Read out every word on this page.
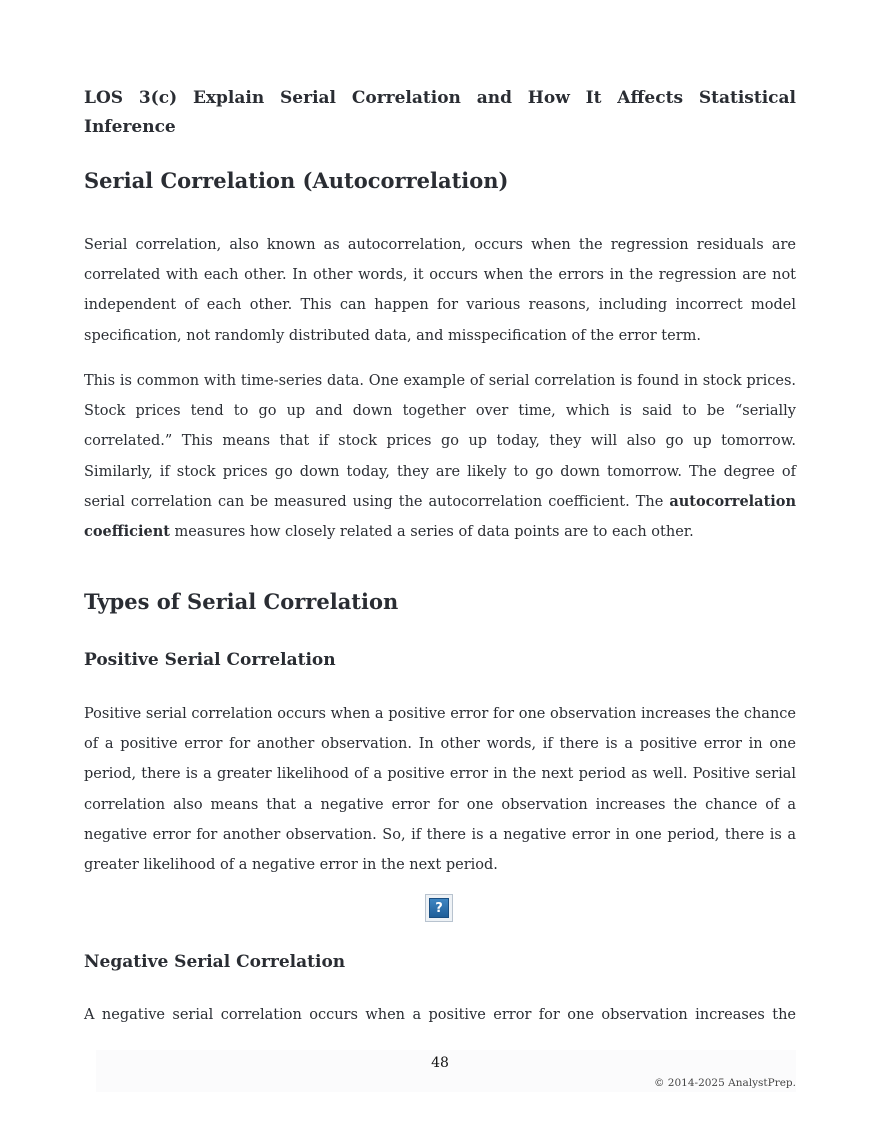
LOS 3(c) Explain Serial Correlation and How It Affects Statistical Inference
Serial Correlation (Autocorrelation)

Serial correlation, also known as autocorrelation, occurs when the regression residuals are correlated with each other. In other words, it occurs when the errors in the regression are not independent of each other. This can happen for various reasons, including incorrect model specification, not randomly distributed data, and misspecification of the error term.

This is common with time-series data. One example of serial correlation is found in stock prices. Stock prices tend to go up and down together over time, which is said to be “serially correlated.” This means that if stock prices go up today, they will also go up tomorrow. Similarly, if stock prices go down today, they are likely to go down tomorrow. The degree of serial correlation can be measured using the autocorrelation coefficient. The autocorrelation coefficient measures how closely related a series of data points are to each other.

Types of Serial Correlation
Positive Serial Correlation

Positive serial correlation occurs when a positive error for one observation increases the chance of a positive error for another observation. In other words, if there is a positive error in one period, there is a greater likelihood of a positive error in the next period as well. Positive serial correlation also means that a negative error for one observation increases the chance of a negative error for another observation. So, if there is a negative error in one period, there is a greater likelihood of a negative error in the next period.

Negative Serial Correlation

A negative serial correlation occurs when a positive error for one observation increases the

?
48
© 2014-2025 AnalystPrep.
